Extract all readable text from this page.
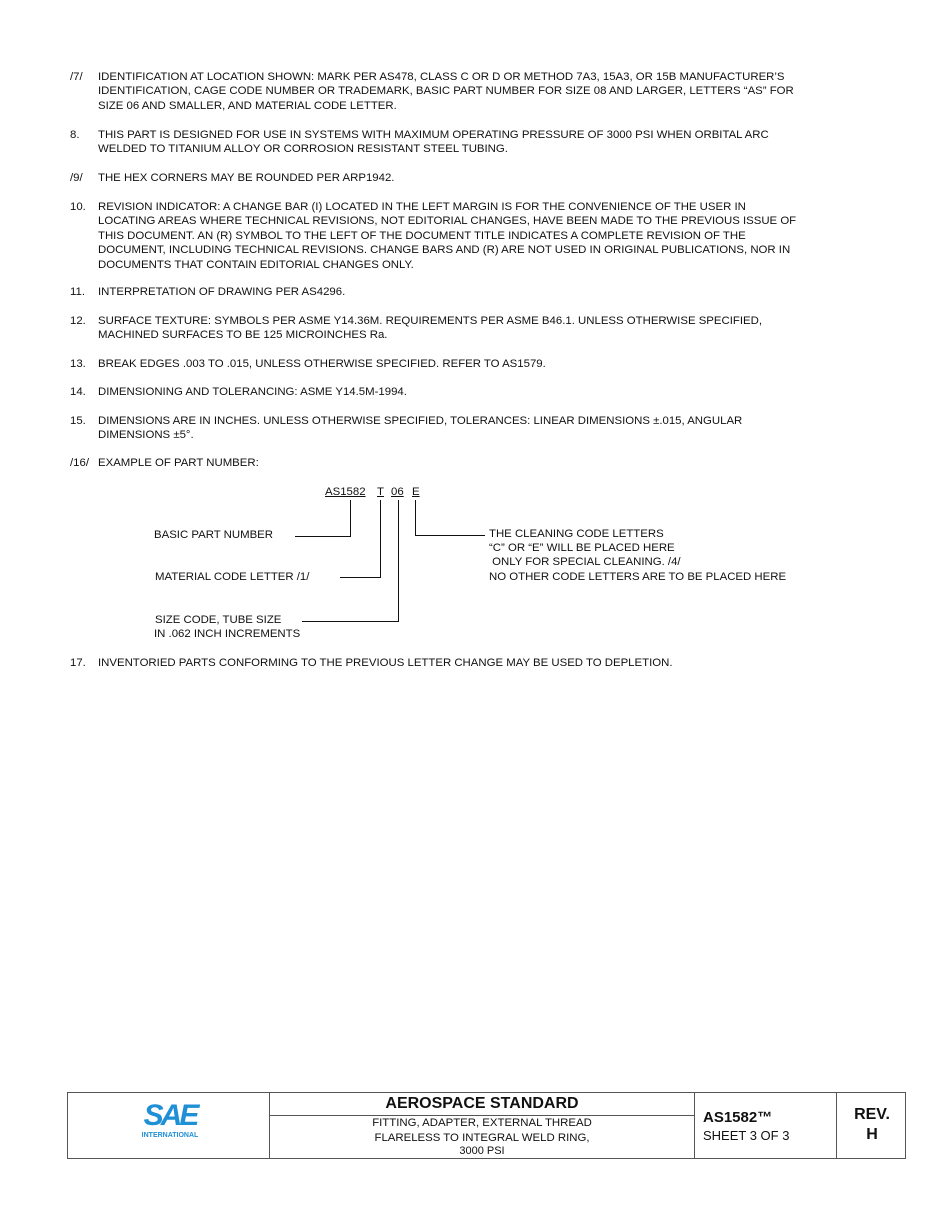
/7/ IDENTIFICATION AT LOCATION SHOWN: MARK PER AS478, CLASS C OR D OR METHOD 7A3, 15A3, OR 15B MANUFACTURER’S
IDENTIFICATION, CAGE CODE NUMBER OR TRADEMARK, BASIC PART NUMBER FOR SIZE 08 AND LARGER, LETTERS “AS” FOR
SIZE 06 AND SMALLER, AND MATERIAL CODE LETTER.
8. THIS PART IS DESIGNED FOR USE IN SYSTEMS WITH MAXIMUM OPERATING PRESSURE OF 3000 PSI WHEN ORBITAL ARC
WELDED TO TITANIUM ALLOY OR CORROSION RESISTANT STEEL TUBING.
/9/ THE HEX CORNERS MAY BE ROUNDED PER ARP1942.
10. REVISION INDICATOR: A CHANGE BAR (I) LOCATED IN THE LEFT MARGIN IS FOR THE CONVENIENCE OF THE USER IN
LOCATING AREAS WHERE TECHNICAL REVISIONS, NOT EDITORIAL CHANGES, HAVE BEEN MADE TO THE PREVIOUS ISSUE OF
THIS DOCUMENT. AN (R) SYMBOL TO THE LEFT OF THE DOCUMENT TITLE INDICATES A COMPLETE REVISION OF THE
DOCUMENT, INCLUDING TECHNICAL REVISIONS. CHANGE BARS AND (R) ARE NOT USED IN ORIGINAL PUBLICATIONS, NOR IN
DOCUMENTS THAT CONTAIN EDITORIAL CHANGES ONLY.
11. INTERPRETATION OF DRAWING PER AS4296.
12. SURFACE TEXTURE: SYMBOLS PER ASME Y14.36M. REQUIREMENTS PER ASME B46.1. UNLESS OTHERWISE SPECIFIED,
MACHINED SURFACES TO BE 125 MICROINCHES Ra.
13. BREAK EDGES .003 TO .015, UNLESS OTHERWISE SPECIFIED. REFER TO AS1579.
14. DIMENSIONING AND TOLERANCING: ASME Y14.5M-1994.
15. DIMENSIONS ARE IN INCHES. UNLESS OTHERWISE SPECIFIED, TOLERANCES: LINEAR DIMENSIONS ±.015, ANGULAR
DIMENSIONS ±5°.
/16/ EXAMPLE OF PART NUMBER:
17. INVENTORIED PARTS CONFORMING TO THE PREVIOUS LETTER CHANGE MAY BE USED TO DEPLETION.
AS1582 T 06 E
BASIC PART NUMBER
MATERIAL CODE LETTER /1/
SIZE CODE, TUBE SIZE
IN .062 INCH INCREMENTS
THE CLEANING CODE LETTERS
“C” OR “E” WILL BE PLACED HERE
ONLY FOR SPECIAL CLEANING. /4/
NO OTHER CODE LETTERS ARE TO BE PLACED HERE
SAE
INTERNATIONAL
AEROSPACE STANDARD
FITTING, ADAPTER, EXTERNAL THREAD
FLARELESS TO INTEGRAL WELD RING,
3000 PSI
AS1582™
SHEET 3 OF 3
REV.
H
